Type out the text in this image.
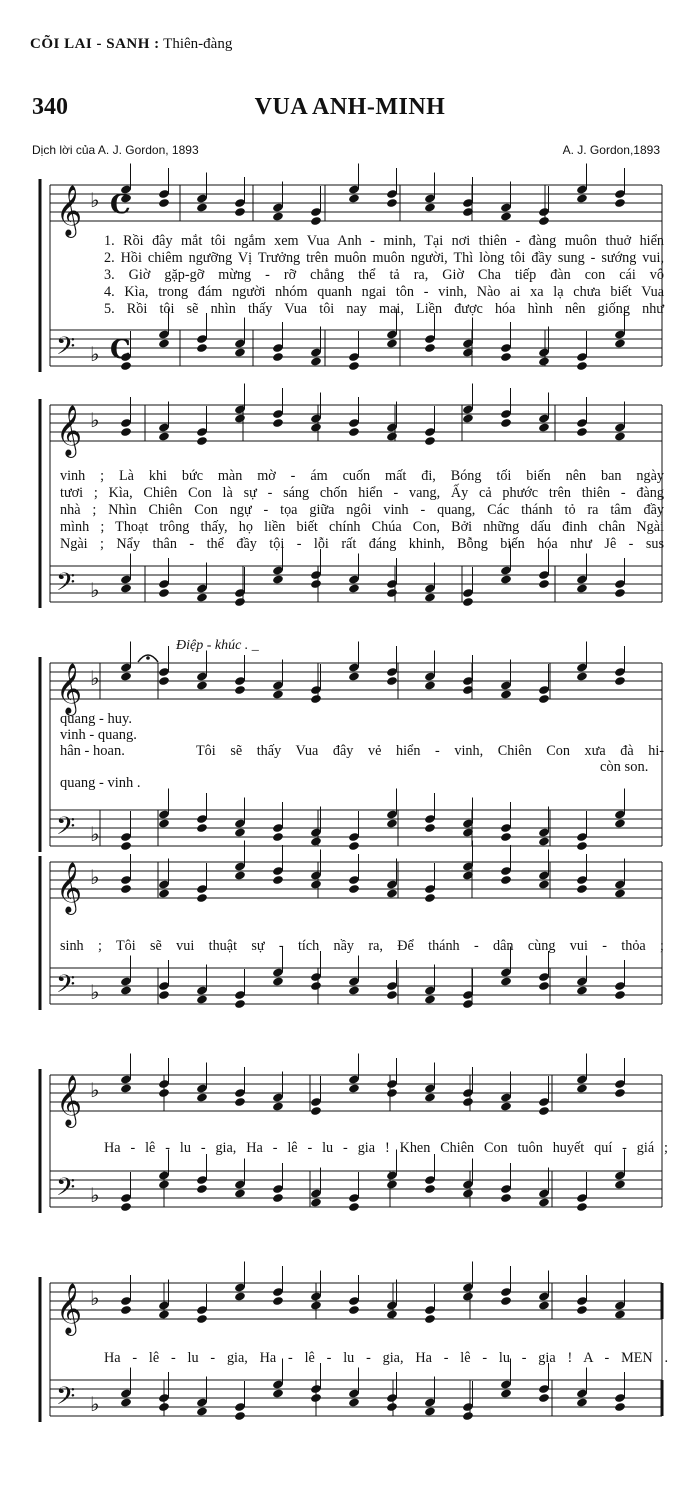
CÕI LAI - SANH : Thiên-đàng
340	VUA ANH-MINH
Dịch lời của A. J. Gordon, 1893	A. J. Gordon,1893
𝄞 ♭
𝄢 ♭
𝄞 ♭
𝄢 ♭
𝄞 ♭
𝄢 ♭
𝄞 ♭
𝄢 ♭
𝄞 ♭
𝄢 ♭
𝄞 ♭
𝄢 ♭
C
C
1. Rồi đây mắt tôi ngắm xem Vua Anh - minh, Tại nơi thiên - đàng muôn thuở hiển
2. Hồi chiêm ngưỡng Vị Trưởng trên muôn muôn người, Thì lòng tôi đầy sung - sướng vui,
3. Giờ gặp-gỡ mừng - rỡ chẳng thể tả ra, Giờ Cha tiếp đàn con cái vô
4. Kìa, trong đám người nhóm quanh ngai tôn - vinh, Nào ai xa lạ chưa biết Vua
5. Rồi tôi sẽ nhìn thấy Vua tôi nay mai, Liền được hóa hình nên giống như
vinh ; Là khi bức màn mờ - ám cuốn mất đi, Bóng tối biến nên ban ngày
tươi ; Kìa, Chiên Con là sự - sáng chốn hiển - vang, Ấy cả phước trên thiên - đàng
nhà ; Nhìn Chiên Con ngự - tọa giữa ngôi vinh - quang, Các thánh tỏ ra tâm đầy
mình ; Thoạt trông thấy, họ liền biết chính Chúa Con, Bởi những dấu đinh chân Ngài
Ngài ; Nẩy thân - thể đầy tội - lỗi rất đáng khinh, Bỗng biến hóa như Jê - sus
Điệp - khúc . _
quang - huy.
vinh - quang.
hân - hoan.
còn son.
quang - vinh .
Tôi sẽ thấy Vua đây vẻ hiển - vinh, Chiên Con xưa đà hi-
sinh ; Tôi sẽ vui thuật sự - tích nầy ra, Để thánh - dân cùng vui - thỏa ;
Ha - lê - lu - gia, Ha - lê - lu - gia ! Khen Chiên Con tuôn huyết quí - giá ;
Ha - lê - lu - gia, Ha - lê - lu - gia, Ha - lê - lu - gia ! A - MEN .
